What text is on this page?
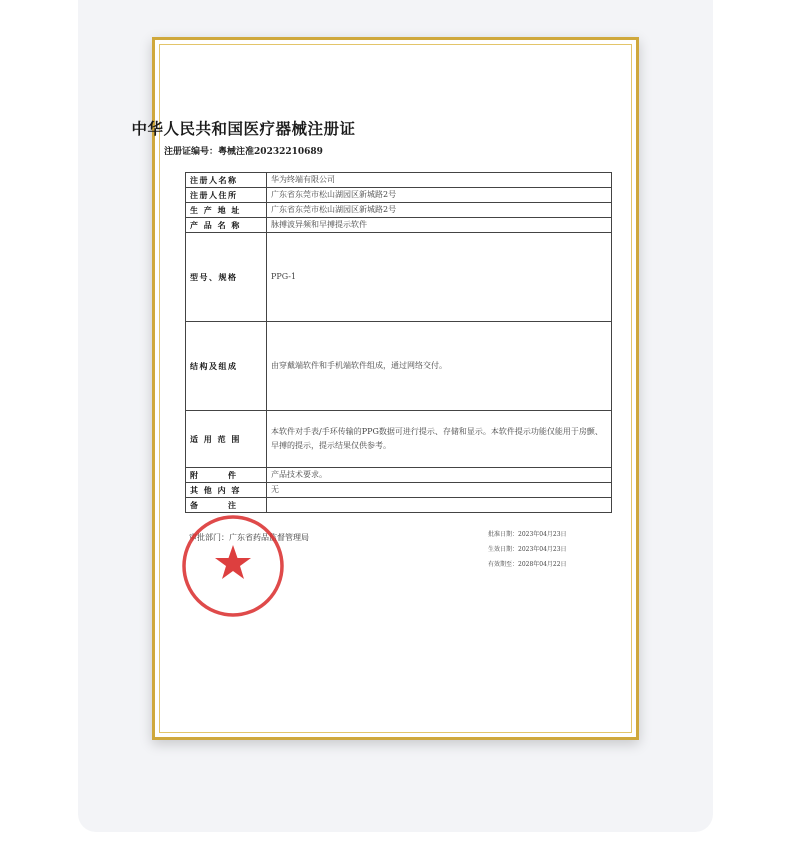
中华人民共和国医疗器械注册证
注册证编号：粤械注准20232210689
注册人名称	华为终端有限公司
注册人住所	广东省东莞市松山湖园区新城路2号
生 产 地 址	广东省东莞市松山湖园区新城路2号
产 品 名 称	脉搏波异频和早搏提示软件
型号、规格	PPG-1
结构及组成	由穿戴端软件和手机端软件组成，通过网络交付。
适 用 范 围	本软件对手表/手环传输的PPG数据可进行提示、存储和显示。本软件提示功能仅能用于房颤、早搏的提示，提示结果仅供参考。
附　　　件	产品技术要求。
其 他 内 容	无
备　　　注	
审批部门：广东省药品监督管理局	批准日期：2023年04月23日
生效日期：2023年04月23日
有效期至：2028年04月22日
